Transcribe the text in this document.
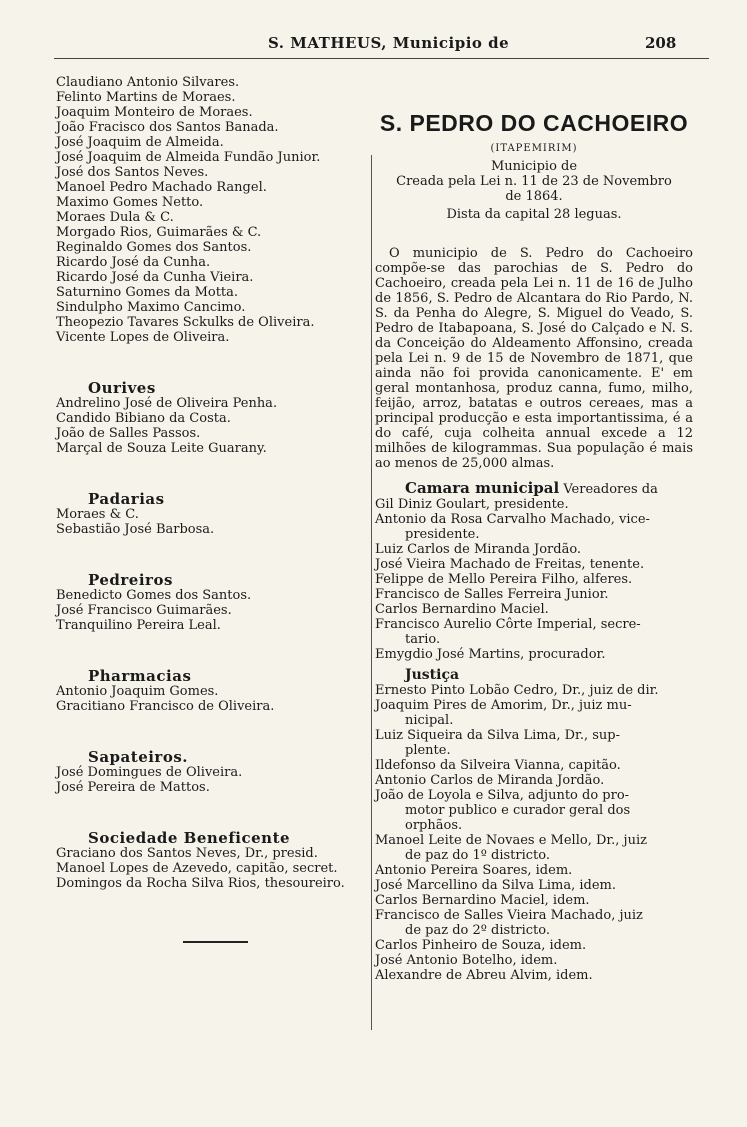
S. MATHEUS, Municipio de	208
Claudiano Antonio Silvares.
Felinto Martins de Moraes.
Joaquim Monteiro de Moraes.
João Fracisco dos Santos Banada.
José Joaquim de Almeida.
José Joaquim de Almeida Fundão Junior.
José dos Santos Neves.
Manoel Pedro Machado Rangel.
Maximo Gomes Netto.
Moraes Dula & C.
Morgado Rios, Guimarães & C.
Reginaldo Gomes dos Santos.
Ricardo José da Cunha.
Ricardo José da Cunha Vieira.
Saturnino Gomes da Motta.
Sindulpho Maximo Cancimo.
Theopezio Tavares Sckulks de Oliveira.
Vicente Lopes de Oliveira.
Ourives
Andrelino José de Oliveira Penha.
Candido Bibiano da Costa.
João de Salles Passos.
Marçal de Souza Leite Guarany.
Padarias
Moraes & C.
Sebastião José Barbosa.
Pedreiros
Benedicto Gomes dos Santos.
José Francisco Guimarães.
Tranquilino Pereira Leal.
Pharmacias
Antonio Joaquim Gomes.
Gracitiano Francisco de Oliveira.
Sapateiros.
José Domingues de Oliveira.
José Pereira de Mattos.
Sociedade Beneficente
Graciano dos Santos Neves, Dr., presid.
Manoel Lopes de Azevedo, capitão, secret.
Domingos da Rocha Silva Rios, thesoureiro.
S. PEDRO DO CACHOEIRO
(ITAPEMIRIM)
Municipio de
Creada pela Lei n. 11 de 23 de Novembro
de 1864.
Dista da capital 28 leguas.
O municipio de S. Pedro do Cachoeiro compõe-se das parochias de S. Pedro do Cachoeiro, creada pela Lei n. 11 de 16 de Julho de 1856, S. Pedro de Alcantara do Rio Pardo, N. S. da Penha do Alegre, S. Miguel do Veado, S. Pedro de Itabapoana, S. José do Calçado e N. S. da Conceição do Aldeamento Affonsino, creada pela Lei n. 9 de 15 de Novembro de 1871, que ainda não foi provida canonicamente. E' em geral montanhosa, produz canna, fumo, milho, feijão, arroz, batatas e outros cereaes, mas a principal producção e esta importantissima, é a do café, cuja colheita annual excede a 12 milhões de kilogrammas. Sua população é mais ao menos de 25,000 almas.
Camara municipal Vereadores da
Gil Diniz Goulart, presidente.
Antonio da Rosa Carvalho Machado, vice-
presidente.
Luiz Carlos de Miranda Jordão.
José Vieira Machado de Freitas, tenente.
Felippe de Mello Pereira Filho, alferes.
Francisco de Salles Ferreira Junior.
Carlos Bernardino Maciel.
Francisco Aurelio Côrte Imperial, secre-
tario.
Emygdio José Martins, procurador.
Justiça
Ernesto Pinto Lobão Cedro, Dr., juiz de dir.
Joaquim Pires de Amorim, Dr., juiz mu-
nicipal.
Luiz Siqueira da Silva Lima, Dr., sup-
plente.
Ildefonso da Silveira Vianna, capitão.
Antonio Carlos de Miranda Jordão.
João de Loyola e Silva, adjunto do pro-
motor publico e curador geral dos
orphãos.
Manoel Leite de Novaes e Mello, Dr., juiz
de paz do 1º districto.
Antonio Pereira Soares, idem.
José Marcellino da Silva Lima, idem.
Carlos Bernardino Maciel, idem.
Francisco de Salles Vieira Machado, juiz
de paz do 2º districto.
Carlos Pinheiro de Souza, idem.
José Antonio Botelho, idem.
Alexandre de Abreu Alvim, idem.
